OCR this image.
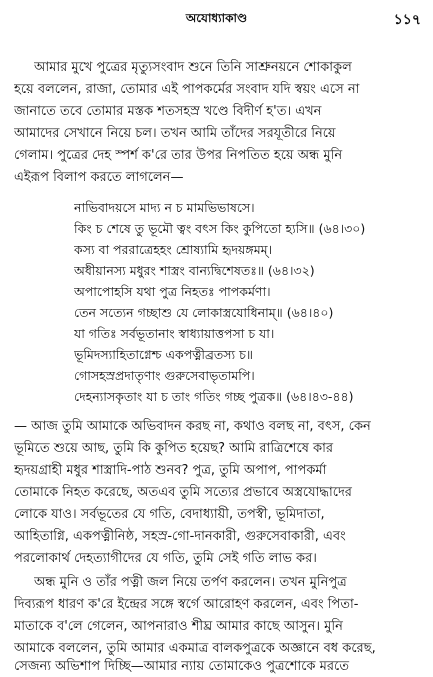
অযোধ্যাকাণ্ড	১১৭
আমার মুখে পুত্রের মৃত্যুসংবাদ শুনে তিনি সাশ্রুনয়নে শোকাকুল
হয়ে বললেন, রাজা, তোমার এই পাপকর্মের সংবাদ যদি স্বয়ং এসে না
জানাতে তবে তোমার মস্তক শতসহস্র খণ্ডে বিদীর্ণ হ'ত। এখন
আমাদের সেখানে নিয়ে চল। তখন আমি তাঁদের সরযূতীরে নিয়ে
গেলাম। পুত্রের দেহ স্পর্শ ক'রে তার উপর নিপতিত হয়ে অন্ধ মুনি
এইরূপ বিলাপ করতে লাগলেন—
নাভিবাদয়সে মাদ্য ন চ মামভিভাষসে।
কিং চ শেষে তু ভূমৌ ত্বং বৎস কিং কুপিতো হ্যসি॥ (৬৪।৩০)
কস্য বা পররাত্রেহহং শ্রোষ্যামি হৃদয়ঙ্গমম্।
অধীয়ানস্য মধুরং শাস্ত্রং বান্যদ্বিশেষতঃ॥ (৬৪।৩২)
অপাপোহসি যথা পুত্র নিহতঃ পাপকর্মণা।
তেন সত্যেন গচ্ছাশু যে লোকাস্ত্রযোধিনাম্॥ (৬৪।৪০)
যা গতিঃ সর্বভূতানাং স্বাধ্যায়াত্তপসা চ যা।
ভূমিদস্যাহিতাগ্নেশ্চ একপত্নীব্রতস্য চ॥
গোসহস্রপ্রদাতৃণাং গুরুসেবাভৃতামপি।
দেহন্যাসকৃতাং যা চ তাং গতিং গচ্ছ পুত্রক॥ (৬৪।৪৩-৪৪)
— আজ তুমি আমাকে অভিবাদন করছ না, কথাও বলছ না, বৎস, কেন
ভূমিতে শুয়ে আছ, তুমি কি কুপিত হয়েছ? আমি রাত্রিশেষে কার
হৃদয়গ্রাহী মধুর শাস্ত্রাদি-পাঠ শুনব? পুত্র, তুমি অপাপ, পাপকর্মা
তোমাকে নিহত করেছে, অতএব তুমি সত্যের প্রভাবে অস্ত্রযোদ্ধাদের
লোকে যাও। সর্বভূতের যে গতি, বেদাধ্যায়ী, তপস্বী, ভূমিদাতা,
আহিতাগ্নি, একপত্নীনিষ্ঠ, সহস্র-গো-দানকারী, গুরুসেবাকারী, এবং
পরলোকার্থ দেহত্যাগীদের যে গতি, তুমি সেই গতি লাভ কর।
অন্ধ মুনি ও তাঁর পত্নী জল নিয়ে তর্পণ করলেন। তখন মুনিপুত্র
দিব্যরূপ ধারণ ক'রে ইন্দ্রের সঙ্গে স্বর্গে আরোহণ করলেন, এবং পিতা-
মাতাকে ব'লে গেলেন, আপনারাও শীঘ্র আমার কাছে আসুন। মুনি
আমাকে বললেন, তুমি আমার একমাত্র বালকপুত্রকে অজ্ঞানে বধ করেছ,
সেজন্য অভিশাপ দিচ্ছি—আমার ন্যায় তোমাকেও পুত্রশোকে মরতে
